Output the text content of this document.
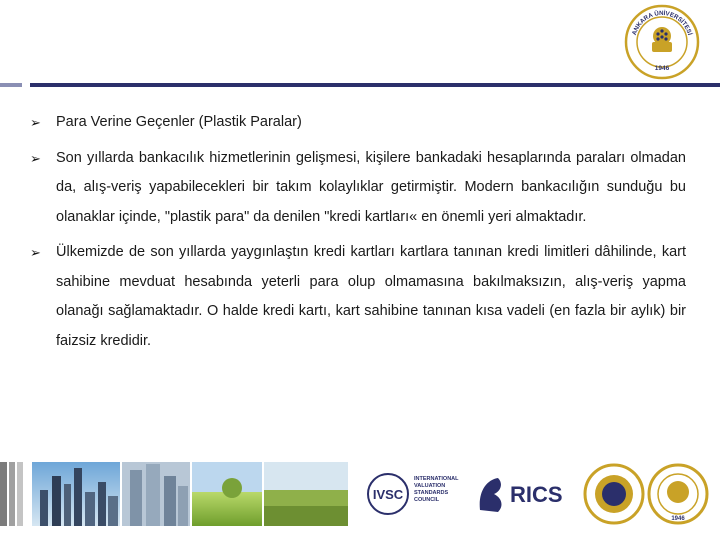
ANKARA ÜNİVERSİTESİ
1946
➢ Para Verine Geçenler (Plastik Paralar)
➢ Son yıllarda bankacılık hizmetlerinin gelişmesi, kişilere bankadaki hesaplarında paraları olmadan da, alış-veriş yapabilecekleri bir takım kolaylıklar getirmiştir. Modern bankacılığın sunduğu bu olanaklar içinde, "plastik para" da denilen "kredi kartları« en önemli yeri almaktadır.
➢ Ülkemizde de son yıllarda yaygınlaştın kredi kartları kartlara tanınan kredi limitleri dâhilinde, kart sahibine mevduat hesabında yeterli para olup olmamasına bakılmaksızın, alış-veriş yapma olanağı sağlamaktadır. O halde kredi kartı, kart sahibine tanınan kısa vadeli (en fazla bir aylık) bir faizsiz kredidir.
IVSC
INTERNATIONAL VALUATION STANDARDS COUNCIL	RICS
1946
